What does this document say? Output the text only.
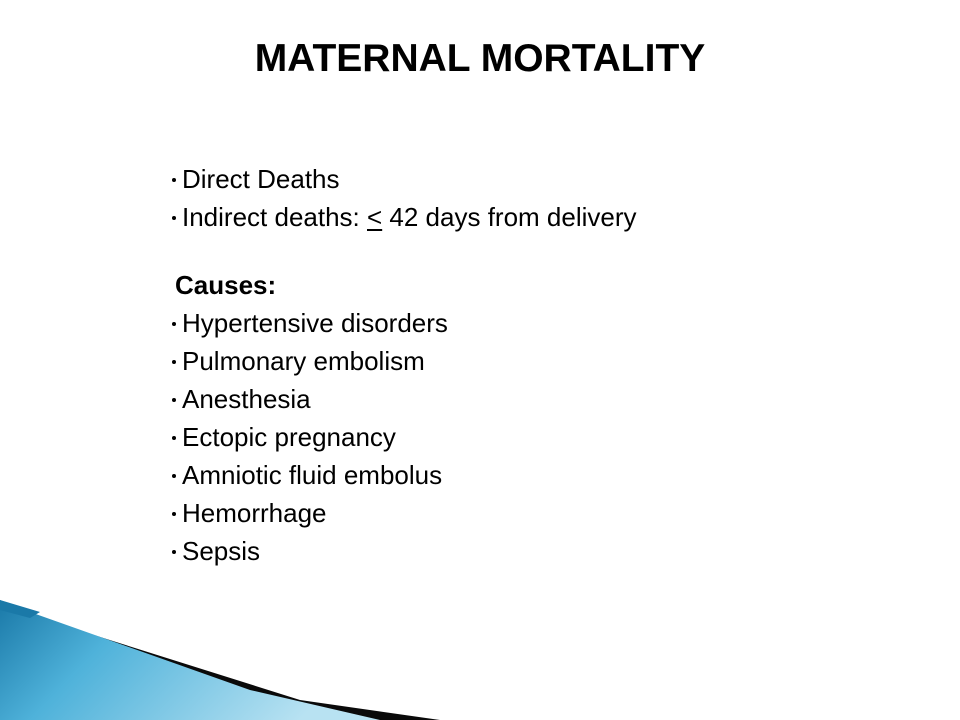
MATERNAL MORTALITY
Direct Deaths
Indirect deaths: < 42 days from delivery
Causes:
Hypertensive disorders
Pulmonary embolism
Anesthesia
Ectopic pregnancy
Amniotic fluid embolus
Hemorrhage
Sepsis
